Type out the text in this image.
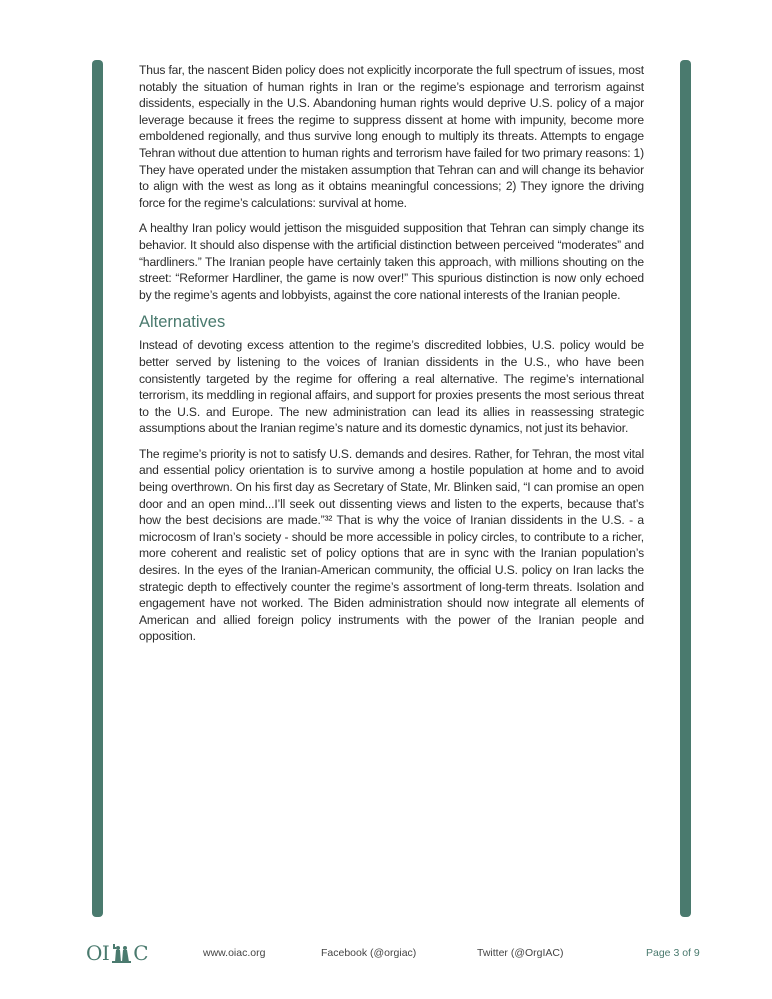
Thus far, the nascent Biden policy does not explicitly incorporate the full spectrum of issues, most notably the situation of human rights in Iran or the regime’s espionage and terrorism against dissidents, especially in the U.S. Abandoning human rights would deprive U.S. policy of a major leverage because it frees the regime to suppress dissent at home with impunity, become more emboldened regionally, and thus survive long enough to multiply its threats. Attempts to engage Tehran without due attention to human rights and terrorism have failed for two primary reasons: 1) They have operated under the mistaken assumption that Tehran can and will change its behavior to align with the west as long as it obtains meaningful concessions; 2) They ignore the driving force for the regime’s calculations: survival at home.

A healthy Iran policy would jettison the misguided supposition that Tehran can simply change its behavior. It should also dispense with the artificial distinction between perceived “moderates” and “hardliners.” The Iranian people have certainly taken this approach, with millions shouting on the street: “Reformer Hardliner, the game is now over!” This spurious distinction is now only echoed by the regime’s agents and lobbyists, against the core national interests of the Iranian people.

Alternatives

Instead of devoting excess attention to the regime’s discredited lobbies, U.S. policy would be better served by listening to the voices of Iranian dissidents in the U.S., who have been consistently targeted by the regime for offering a real alternative. The regime’s international terrorism, its meddling in regional affairs, and support for proxies presents the most serious threat to the U.S. and Europe. The new administration can lead its allies in reassessing strategic assumptions about the Iranian regime’s nature and its domestic dynamics, not just its behavior.

The regime’s priority is not to satisfy U.S. demands and desires. Rather, for Tehran, the most vital and essential policy orientation is to survive among a hostile population at home and to avoid being overthrown. On his first day as Secretary of State, Mr. Blinken said, “I can promise an open door and an open mind...I’ll seek out dissenting views and listen to the experts, because that’s how the best decisions are made.”³² That is why the voice of Iranian dissidents in the U.S. - a microcosm of Iran’s society - should be more accessible in policy circles, to contribute to a richer, more coherent and realistic set of policy options that are in sync with the Iranian population’s desires. In the eyes of the Iranian-American community, the official U.S. policy on Iran lacks the strategic depth to effectively counter the regime’s assortment of long-term threats. Isolation and engagement have not worked. The Biden administration should now integrate all elements of American and allied foreign policy instruments with the power of the Iranian people and opposition.

OI C	www.oiac.org	Facebook (@orgiac)	Twitter (@OrgIAC)	Page 3 of 9
